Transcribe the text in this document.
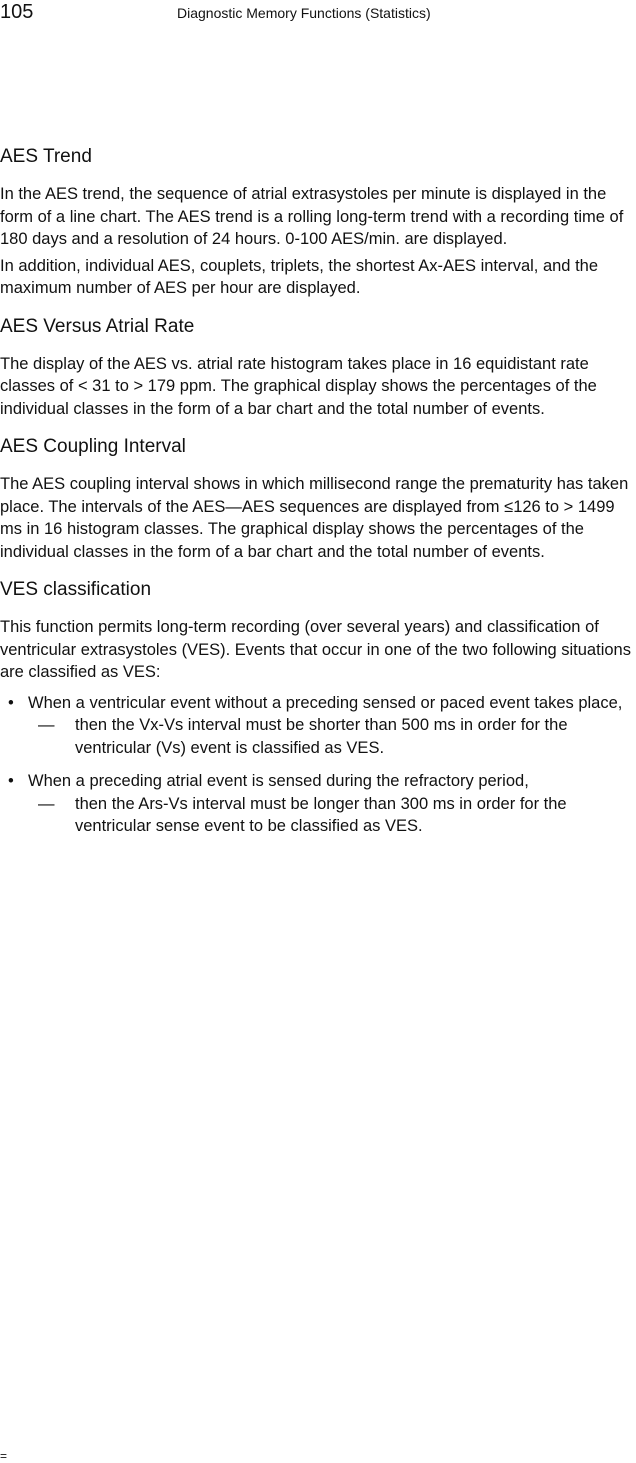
105	Diagnostic Memory Functions (Statistics)
AES Trend

In the AES trend, the sequence of atrial extrasystoles per minute is displayed in the form of a line chart. The AES trend is a rolling long-term trend with a recording time of 180 days and a resolution of 24 hours. 0-100 AES/min. are displayed.

In addition, individual AES, couplets, triplets, the shortest Ax-AES interval, and the maximum number of AES per hour are displayed.

AES Versus Atrial Rate

The display of the AES vs. atrial rate histogram takes place in 16 equidistant rate classes of < 31 to > 179 ppm. The graphical display shows the percentages of the individual classes in the form of a bar chart and the total number of events.

AES Coupling Interval

The AES coupling interval shows in which millisecond range the prematurity has taken place. The intervals of the AES—AES sequences are displayed from ≤126 to > 1499 ms in 16 histogram classes. The graphical display shows the percentages of the individual classes in the form of a bar chart and the total number of events.

VES classification

This function permits long-term recording (over several years) and classification of ventricular extrasystoles (VES). Events that occur in one of the two following situations are classified as VES:

• When a ventricular event without a preceding sensed or paced event takes place,
— then the Vx-Vs interval must be shorter than 500 ms in order for the ventricular (Vs) event is classified as VES.
• When a preceding atrial event is sensed during the refractory period,
— then the Ars-Vs interval must be longer than 300 ms in order for the ventricular sense event to be classified as VES.
=
